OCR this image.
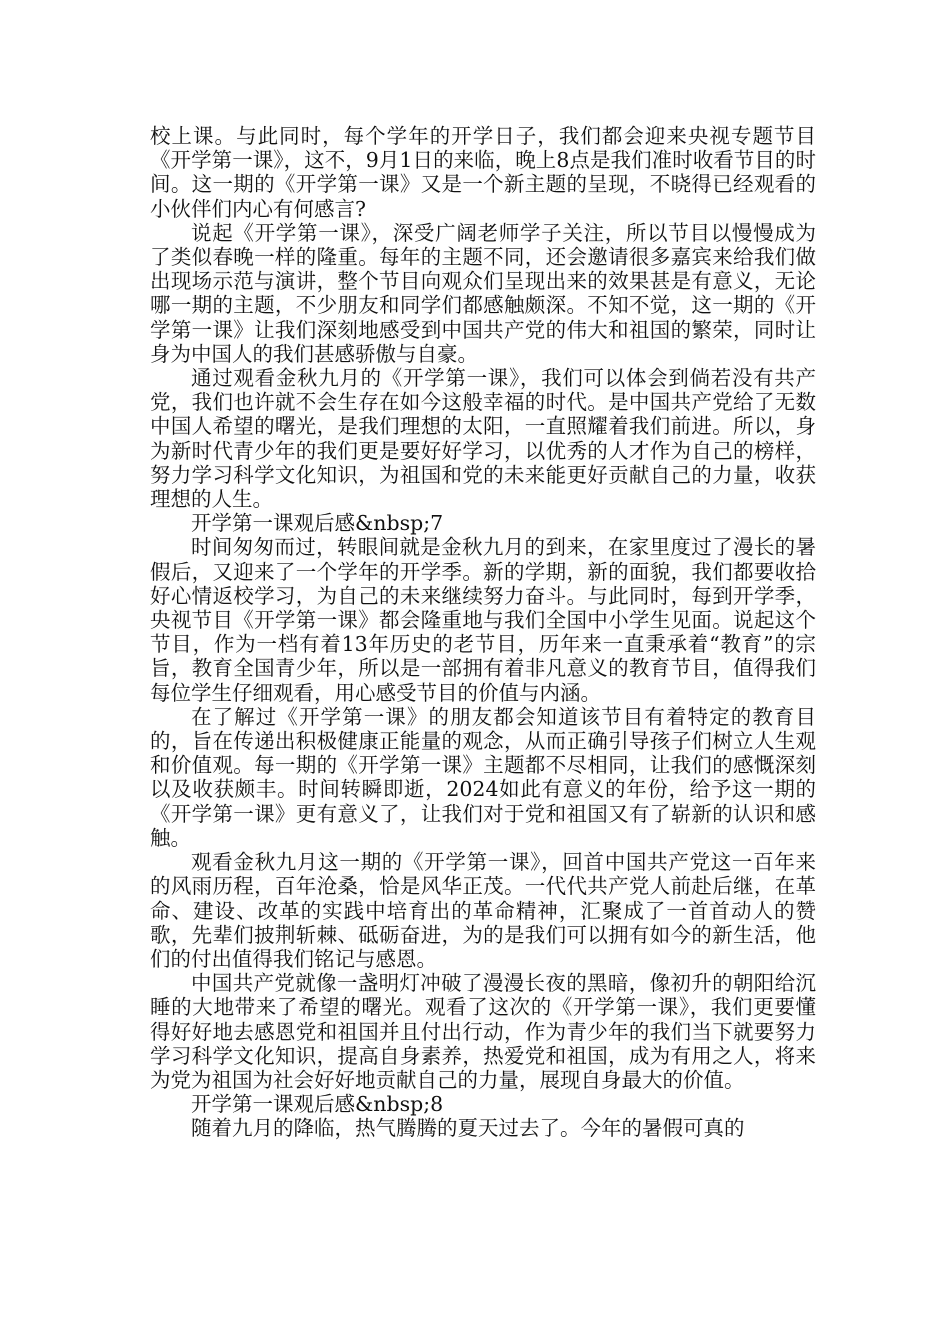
校上课。与此同时，每个学年的开学日子，我们都会迎来央视专题节目《开学第一课》，这不，9月1日的来临，晚上8点是我们准时收看节目的时间。这一期的《开学第一课》又是一个新主题的呈现，不晓得已经观看的小伙伴们内心有何感言?

说起《开学第一课》，深受广阔老师学子关注，所以节目以慢慢成为了类似春晚一样的隆重。每年的主题不同，还会邀请很多嘉宾来给我们做出现场示范与演讲，整个节目向观众们呈现出来的效果甚是有意义，无论哪一期的主题，不少朋友和同学们都感触颇深。不知不觉，这一期的《开学第一课》让我们深刻地感受到中国共产党的伟大和祖国的繁荣，同时让身为中国人的我们甚感骄傲与自豪。

通过观看金秋九月的《开学第一课》，我们可以体会到倘若没有共产党，我们也许就不会生存在如今这般幸福的时代。是中国共产党给了无数中国人希望的曙光，是我们理想的太阳，一直照耀着我们前进。所以，身为新时代青少年的我们更是要好好学习，以优秀的人才作为自己的榜样，努力学习科学文化知识，为祖国和党的未来能更好贡献自己的力量，收获理想的人生。

开学第一课观后感&nbsp;7

时间匆匆而过，转眼间就是金秋九月的到来，在家里度过了漫长的暑假后，又迎来了一个学年的开学季。新的学期，新的面貌，我们都要收拾好心情返校学习，为自己的未来继续努力奋斗。与此同时，每到开学季，央视节目《开学第一课》都会隆重地与我们全国中小学生见面。说起这个节目，作为一档有着13年历史的老节目，历年来一直秉承着“教育”的宗旨，教育全国青少年，所以是一部拥有着非凡意义的教育节目，值得我们每位学生仔细观看，用心感受节目的价值与内涵。

在了解过《开学第一课》的朋友都会知道该节目有着特定的教育目的，旨在传递出积极健康正能量的观念，从而正确引导孩子们树立人生观和价值观。每一期的《开学第一课》主题都不尽相同，让我们的感慨深刻以及收获颇丰。时间转瞬即逝，2024如此有意义的年份，给予这一期的《开学第一课》更有意义了，让我们对于党和祖国又有了崭新的认识和感触。

观看金秋九月这一期的《开学第一课》，回首中国共产党这一百年来的风雨历程，百年沧桑，恰是风华正茂。一代代共产党人前赴后继，在革命、建设、改革的实践中培育出的革命精神，汇聚成了一首首动人的赞歌，先辈们披荆斩棘、砥砺奋进，为的是我们可以拥有如今的新生活，他们的付出值得我们铭记与感恩。

中国共产党就像一盏明灯冲破了漫漫长夜的黑暗，像初升的朝阳给沉睡的大地带来了希望的曙光。观看了这次的《开学第一课》，我们更要懂得好好地去感恩党和祖国并且付出行动，作为青少年的我们当下就要努力学习科学文化知识，提高自身素养，热爱党和祖国，成为有用之人，将来为党为祖国为社会好好地贡献自己的力量，展现自身最大的价值。

开学第一课观后感&nbsp;8

随着九月的降临，热气腾腾的夏天过去了。今年的暑假可真的
